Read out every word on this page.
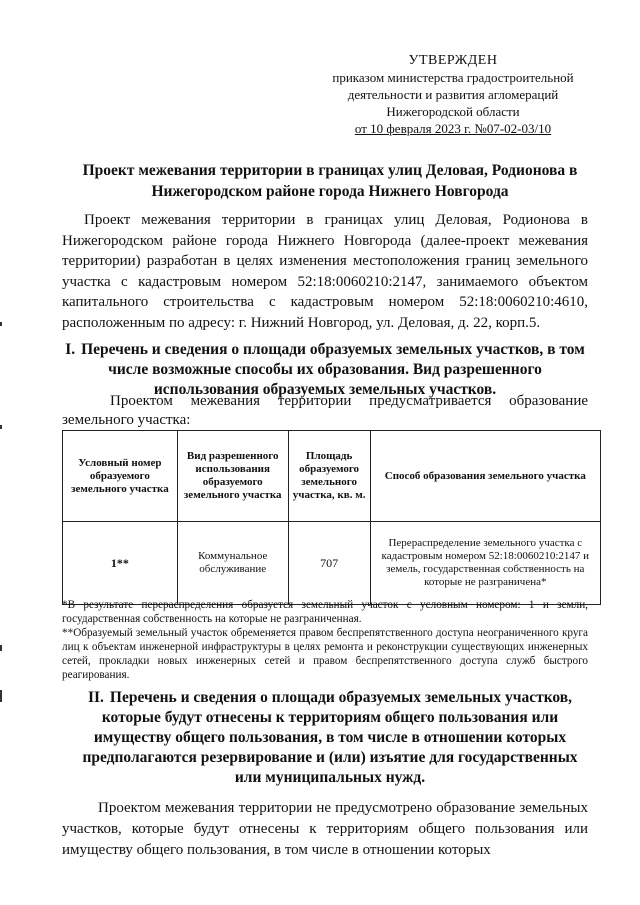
УТВЕРЖДЕН
приказом министерства градостроительной
деятельности и развития агломераций
Нижегородской области
от 10 февраля 2023 г. №07-02-03/10
Проект межевания территории в границах улиц Деловая, Родионова в Нижегородском районе города Нижнего Новгорода
Проект межевания территории в границах улиц Деловая, Родионова в Нижегородском районе города Нижнего Новгорода (далее-проект межевания территории) разработан в целях изменения местоположения границ земельного участка с кадастровым номером 52:18:0060210:2147, занимаемого объектом капитального строительства с кадастровым номером 52:18:0060210:4610, расположенным по адресу: г. Нижний Новгород, ул. Деловая, д. 22, корп.5.
I. Перечень и сведения о площади образуемых земельных участков, в том числе возможные способы их образования. Вид разрешенного использования образуемых земельных участков.
Проектом межевания территории предусматривается образование земельного участка:
Условный номер образуемого земельного участка	Вид разрешенного использования образуемого земельного участка	Площадь образуемого земельного участка, кв. м.	Способ образования земельного участка
1**	Коммунальное обслуживание	707	Перераспределение земельного участка с кадастровым номером 52:18:0060210:2147 и земель, государственная собственность на которые не разграничена*

*В результате перераспределения образуется земельный участок с условным номером: 1 и земли, государственная собственность на которые не разграниченная.

**Образуемый земельный участок обременяется правом беспрепятственного доступа неограниченного круга лиц к объектам инженерной инфраструктуры в целях ремонта и реконструкции существующих инженерных сетей, прокладки новых инженерных сетей и правом беспрепятственного доступа служб быстрого реагирования.

II. Перечень и сведения о площади образуемых земельных участков, которые будут отнесены к территориям общего пользования или имуществу общего пользования, в том числе в отношении которых предполагаются резервирование и (или) изъятие для государственных или муниципальных нужд.
Проектом межевания территории не предусмотрено образование земельных участков, которые будут отнесены к территориям общего пользования или имуществу общего пользования, в том числе в отношении которых
